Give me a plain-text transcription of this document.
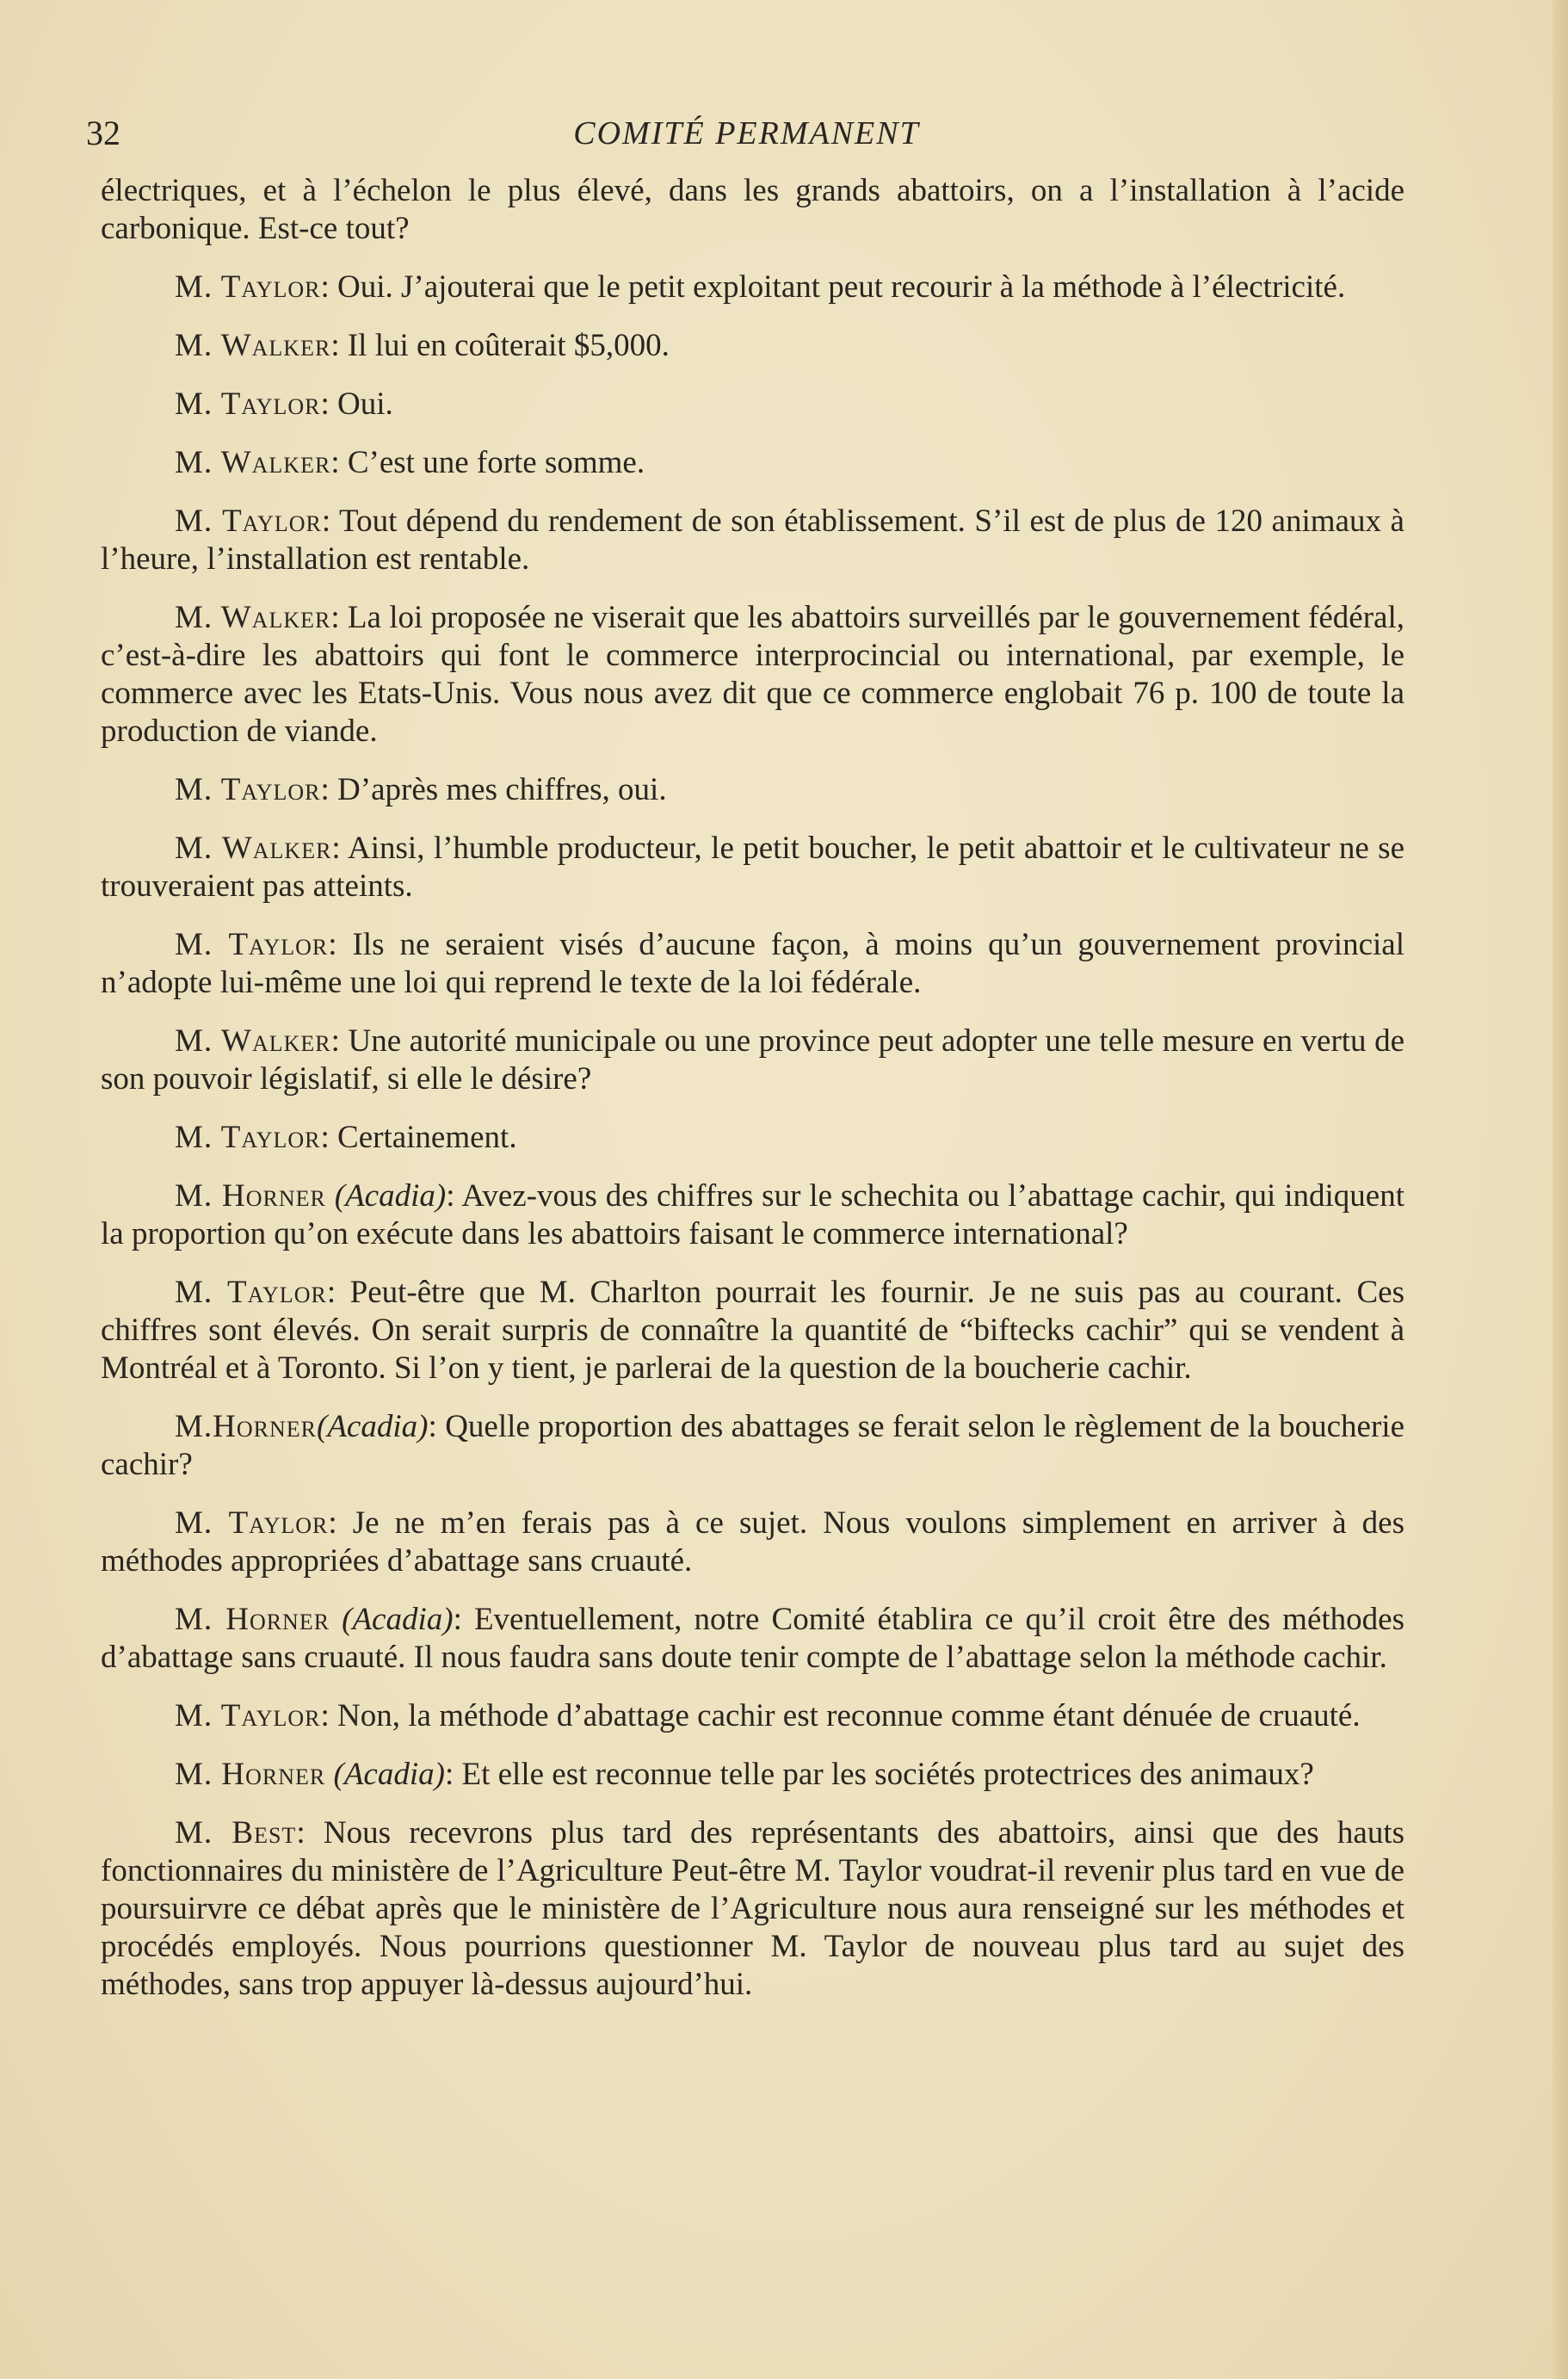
32	COMITÉ PERMANENT

électriques, et à l’échelon le plus élevé, dans les grands abattoirs, on a l’installation à l’acide carbonique. Est-ce tout?

M. Taylor: Oui. J’ajouterai que le petit exploitant peut recourir à la méthode à l’électricité.

M. Walker: Il lui en coûterait $5,000.

M. Taylor: Oui.

M. Walker: C’est une forte somme.

M. Taylor: Tout dépend du rendement de son établissement. S’il est de plus de 120 animaux à l’heure, l’installation est rentable.

M. Walker: La loi proposée ne viserait que les abattoirs surveillés par le gouvernement fédéral, c’est-à-dire les abattoirs qui font le commerce interprocincial ou international, par exemple, le commerce avec les Etats-Unis. Vous nous avez dit que ce commerce englobait 76 p. 100 de toute la production de viande.

M. Taylor: D’après mes chiffres, oui.

M. Walker: Ainsi, l’humble producteur, le petit boucher, le petit abattoir et le cultivateur ne se trouveraient pas atteints.

M. Taylor: Ils ne seraient visés d’aucune façon, à moins qu’un gouvernement provincial n’adopte lui-même une loi qui reprend le texte de la loi fédérale.

M. Walker: Une autorité municipale ou une province peut adopter une telle mesure en vertu de son pouvoir législatif, si elle le désire?

M. Taylor: Certainement.

M. Horner (Acadia): Avez-vous des chiffres sur le schechita ou l’abattage cachir, qui indiquent la proportion qu’on exécute dans les abattoirs faisant le commerce international?

M. Taylor: Peut-être que M. Charlton pourrait les fournir. Je ne suis pas au courant. Ces chiffres sont élevés. On serait surpris de connaître la quantité de “biftecks cachir” qui se vendent à Montréal et à Toronto. Si l’on y tient, je parlerai de la question de la boucherie cachir.

M.Horner(Acadia): Quelle proportion des abattages se ferait selon le règlement de la boucherie cachir?

M. Taylor: Je ne m’en ferais pas à ce sujet. Nous voulons simplement en arriver à des méthodes appropriées d’abattage sans cruauté.

M. Horner (Acadia): Eventuellement, notre Comité établira ce qu’il croit être des méthodes d’abattage sans cruauté. Il nous faudra sans doute tenir compte de l’abattage selon la méthode cachir.

M. Taylor: Non, la méthode d’abattage cachir est reconnue comme étant dénuée de cruauté.

M. Horner (Acadia): Et elle est reconnue telle par les sociétés protectrices des animaux?

M. Best: Nous recevrons plus tard des représentants des abattoirs, ainsi que des hauts fonctionnaires du ministère de l’Agriculture Peut-être M. Taylor voudrat-il revenir plus tard en vue de poursuirvre ce débat après que le ministère de l’Agriculture nous aura renseigné sur les méthodes et procédés employés. Nous pourrions questionner M. Taylor de nouveau plus tard au sujet des méthodes, sans trop appuyer là-dessus aujourd’hui.
